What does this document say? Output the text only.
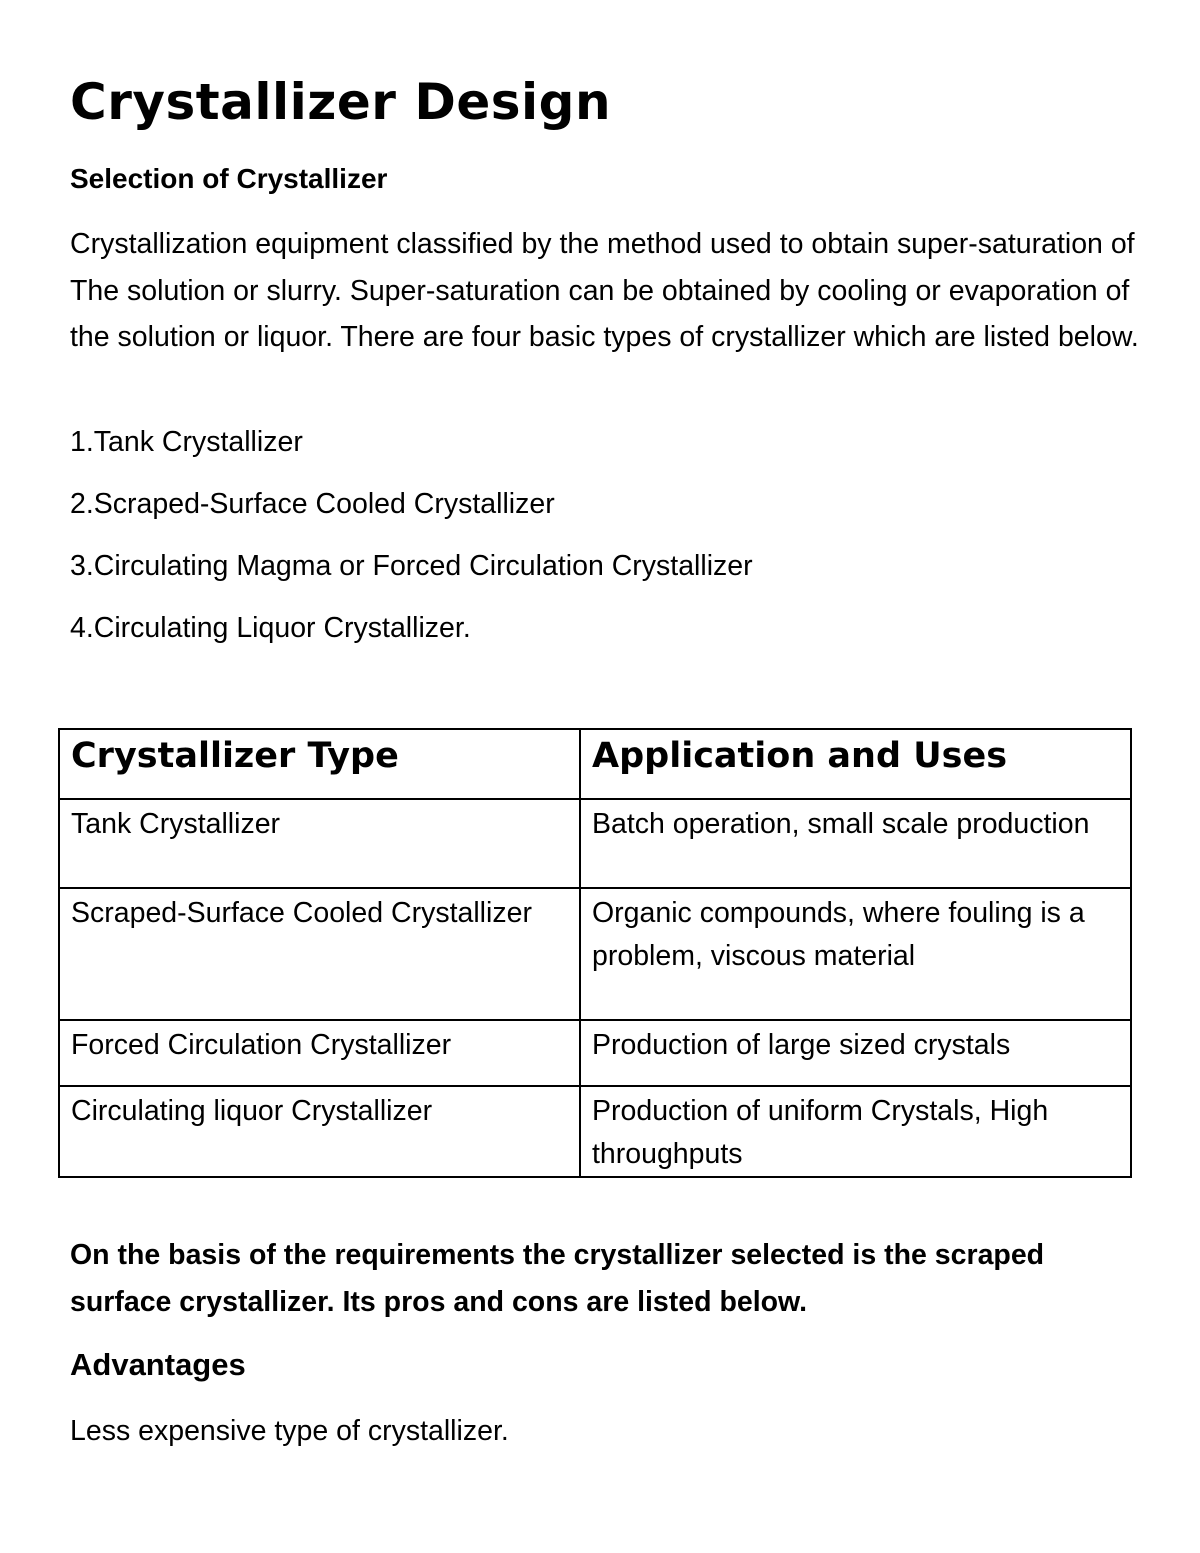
Crystallizer Design
Selection of Crystallizer

Crystallization equipment classified by the method used to obtain super-saturation of The solution or slurry. Super-saturation can be obtained by cooling or evaporation of the solution or liquor. There are four basic types of crystallizer which are listed below.

1.Tank Crystallizer
2.Scraped-Surface Cooled Crystallizer
3.Circulating Magma or Forced Circulation Crystallizer
4.Circulating Liquor Crystallizer.
Crystallizer Type	Application and Uses
Tank Crystallizer	Batch operation, small scale production
Scraped-Surface Cooled Crystallizer	Organic compounds, where fouling is a problem, viscous material
Forced Circulation Crystallizer	Production of large sized crystals
Circulating liquor Crystallizer	Production of uniform Crystals, High throughputs

On the basis of the requirements the crystallizer selected is the scraped surface crystallizer. Its pros and cons are listed below.

Advantages

Less expensive type of crystallizer.
